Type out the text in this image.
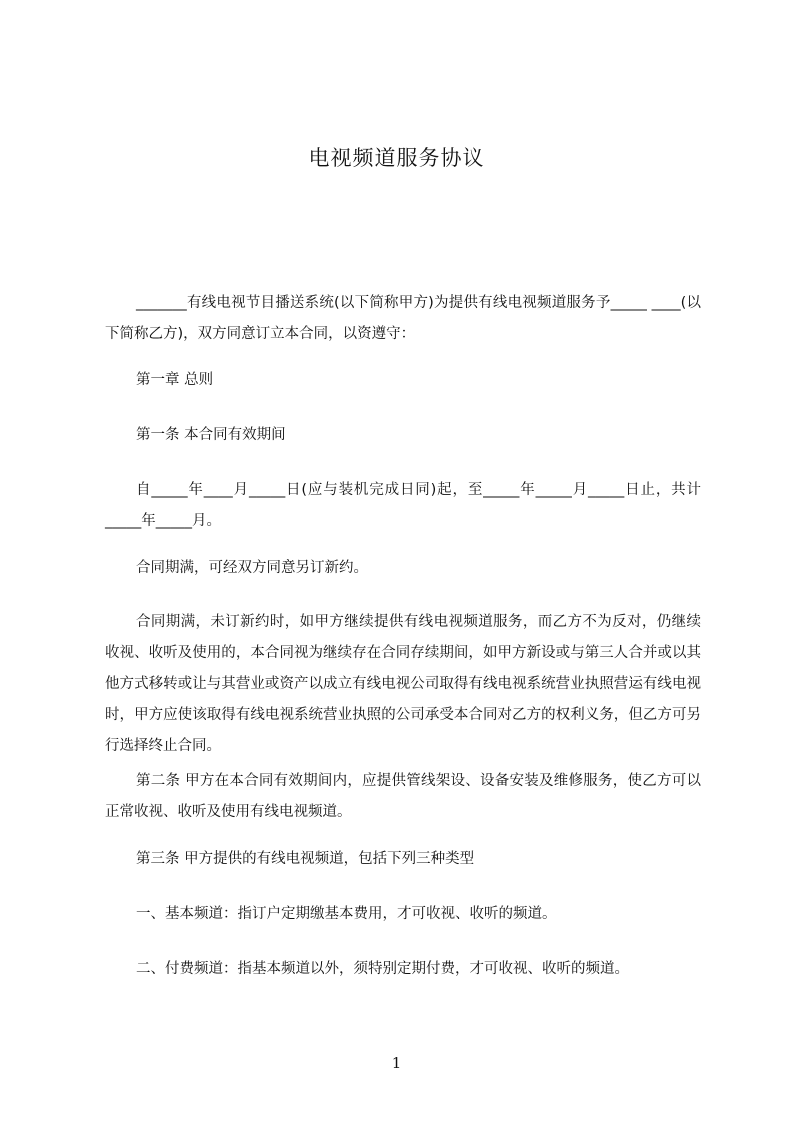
电视频道服务协议

_______有线电视节目播送系统(以下简称甲方)为提供有线电视频道服务予_____ ____(以下简称乙方)，双方同意订立本合同，以资遵守：

第一章 总则

第一条 本合同有效期间

自_____年____月_____日(应与装机完成日同)起，至_____年_____月_____日止，共计_____年_____月。

合同期满，可经双方同意另订新约。

合同期满，未订新约时，如甲方继续提供有线电视频道服务，而乙方不为反对，仍继续收视、收听及使用的，本合同视为继续存在合同存续期间，如甲方新设或与第三人合并或以其他方式移转或让与其营业或资产以成立有线电视公司取得有线电视系统营业执照营运有线电视时，甲方应使该取得有线电视系统营业执照的公司承受本合同对乙方的权利义务，但乙方可另行选择终止合同。

第二条 甲方在本合同有效期间内，应提供管线架设、设备安装及维修服务，使乙方可以正常收视、收听及使用有线电视频道。

第三条 甲方提供的有线电视频道，包括下列三种类型

一、基本频道：指订户定期缴基本费用，才可收视、收听的频道。

二、付费频道：指基本频道以外，须特别定期付费，才可收视、收听的频道。

1
